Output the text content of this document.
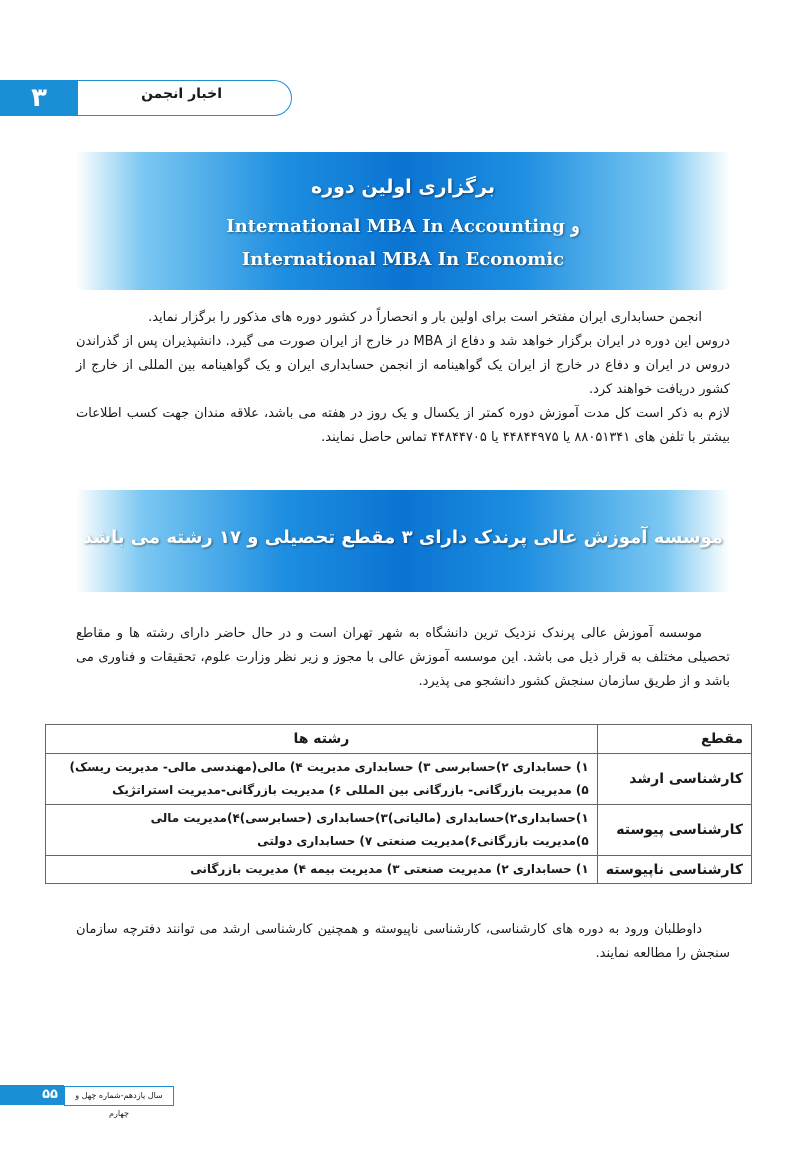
۳	اخبار انجمن
برگزاری اولین دوره
International MBA In Accounting و
International MBA In Economic

انجمن حسابداری ایران مفتخر است برای اولین بار و انحصاراً در کشور دوره های مذکور را برگزار نماید.

دروس این دوره در ایران برگزار خواهد شد و دفاع از MBA در خارج از ایران صورت می گیرد. دانشپذیران پس از گذراندن دروس در ایران و دفاع در خارج از ایران یک گواهینامه از انجمن حسابداری ایران و یک گواهینامه بین المللی از خارج از کشور دریافت خواهند کرد.

لازم به ذکر است کل مدت آموزش دوره کمتر از یکسال و یک روز در هفته می باشد، علاقه مندان جهت کسب اطلاعات بیشتر با تلفن های ۸۸۰۵۱۳۴۱ یا ۴۴۸۴۴۹۷۵ یا ۴۴۸۴۴۷۰۵ تماس حاصل نمایند.

موسسه آموزش عالی پرندک دارای ۳ مقطع تحصیلی و ۱۷ رشته می باشد

موسسه آموزش عالی پرندک نزدیک ترین دانشگاه به شهر تهران است و در حال حاضر دارای رشته ها و مقاطع تحصیلی مختلف به قرار ذیل می باشد. این موسسه آموزش عالی با مجوز و زیر نظر وزارت علوم، تحقیقات و فناوری می باشد و از طریق سازمان سنجش کشور دانشجو می پذیرد.

مقطع	رشته ها
کارشناسی ارشد	۱) حسابداری ۲)حسابرسی ۳) حسابداری مدیریت ۴) مالی(مهندسی مالی- مدیریت ریسک)
۵) مدیریت بازرگانی- بازرگانی بین المللی ۶) مدیریت بازرگانی-مدیریت استراتژیک

کارشناسی پیوسته	۱)حسابداری۲)حسابداری (مالیاتی)۳)حسابداری (حسابرسی)۴)مدیریت مالی
۵)مدیریت بازرگانی۶)مدیریت صنعتی ۷) حسابداری دولتی

کارشناسی ناپیوسته	۱) حسابداری ۲) مدیریت صنعتی ۳) مدیریت بیمه ۴) مدیریت بازرگانی

داوطلبان ورود به دوره های کارشناسی، کارشناسی ناپیوسته و همچنین کارشناسی ارشد می توانند دفترچه سازمان سنجش را مطالعه نمایند.

۵۵	سال یازدهم-شماره چهل و چهارم
